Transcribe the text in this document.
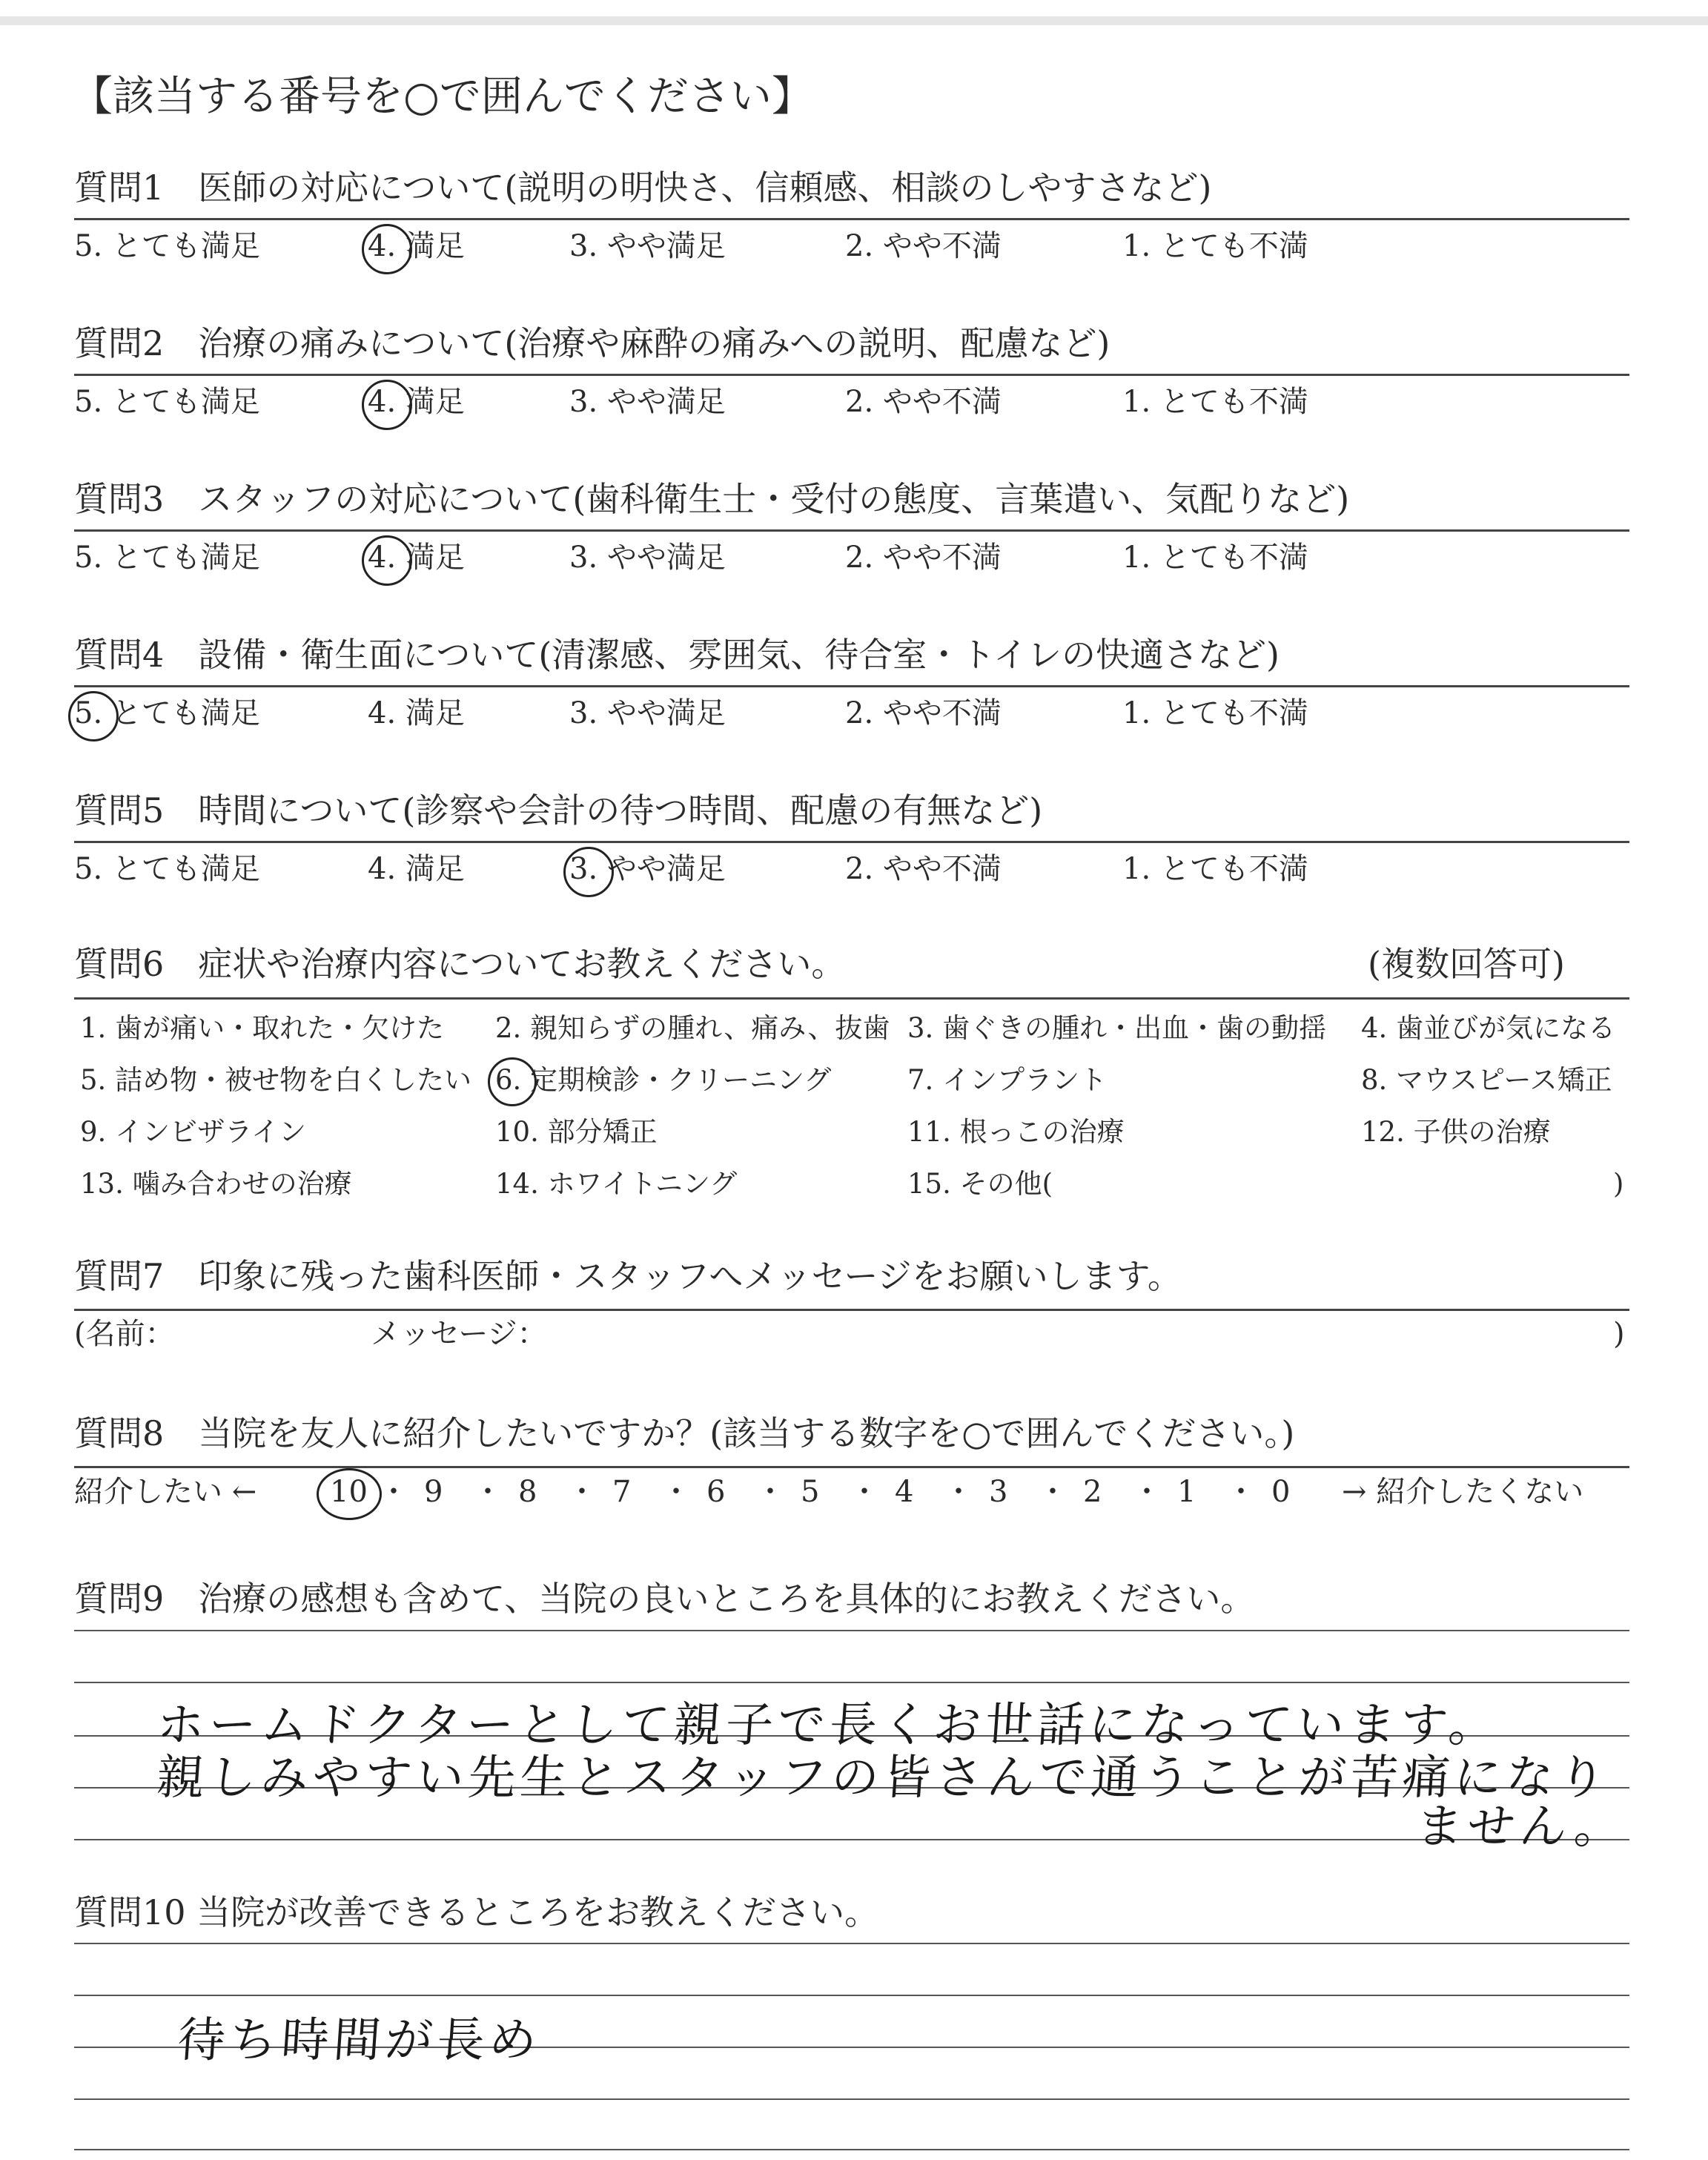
【該当する番号を○で囲んでください】
質問1　医師の対応について(説明の明快さ、信頼感、相談のしやすさなど)
5. とても満足	4. 満足	3. やや満足	2. やや不満	1. とても不満
質問2　治療の痛みについて(治療や麻酔の痛みへの説明、配慮など)
5. とても満足	4. 満足	3. やや満足	2. やや不満	1. とても不満
質問3　スタッフの対応について(歯科衛生士・受付の態度、言葉遣い、気配りなど)
5. とても満足	4. 満足	3. やや満足	2. やや不満	1. とても不満
質問4　設備・衛生面について(清潔感、雰囲気、待合室・トイレの快適さなど)
5. とても満足	4. 満足	3. やや満足	2. やや不満	1. とても不満
質問5　時間について(診察や会計の待つ時間、配慮の有無など)
5. とても満足	4. 満足	3. やや満足	2. やや不満	1. とても不満
質問6　症状や治療内容についてお教えください。	(複数回答可)
1. 歯が痛い・取れた・欠けた 2. 親知らずの腫れ、痛み、抜歯 3. 歯ぐきの腫れ・出血・歯の動揺 4. 歯並びが気になる
5. 詰め物・被せ物を白くしたい 6. 定期検診・クリーニング	7. インプラント	8. マウスピース矯正
9. インビザライン	10. 部分矯正	11. 根っこの治療	12. 子供の治療
13. 噛み合わせの治療	14. ホワイトニング	15. その他(	)
質問7　印象に残った歯科医師・スタッフへメッセージをお願いします。
(名前：	メッセージ：	)
質問8　当院を友人に紹介したいですか？(該当する数字を○で囲んでください。)
紹介したい ← 10 ・ 9 ・ 8 ・ 7 ・ 6 ・ 5 ・ 4 ・ 3 ・ 2 ・ 1 ・ 0 → 紹介したくない
質問9　治療の感想も含めて、当院の良いところを具体的にお教えください。
ホームドクターとして親子で長くお世話になっています。
親しみやすい先生とスタッフの皆さんで通うことが苦痛になり
ません。
質問10 当院が改善できるところをお教えください。
待ち時間が長め
